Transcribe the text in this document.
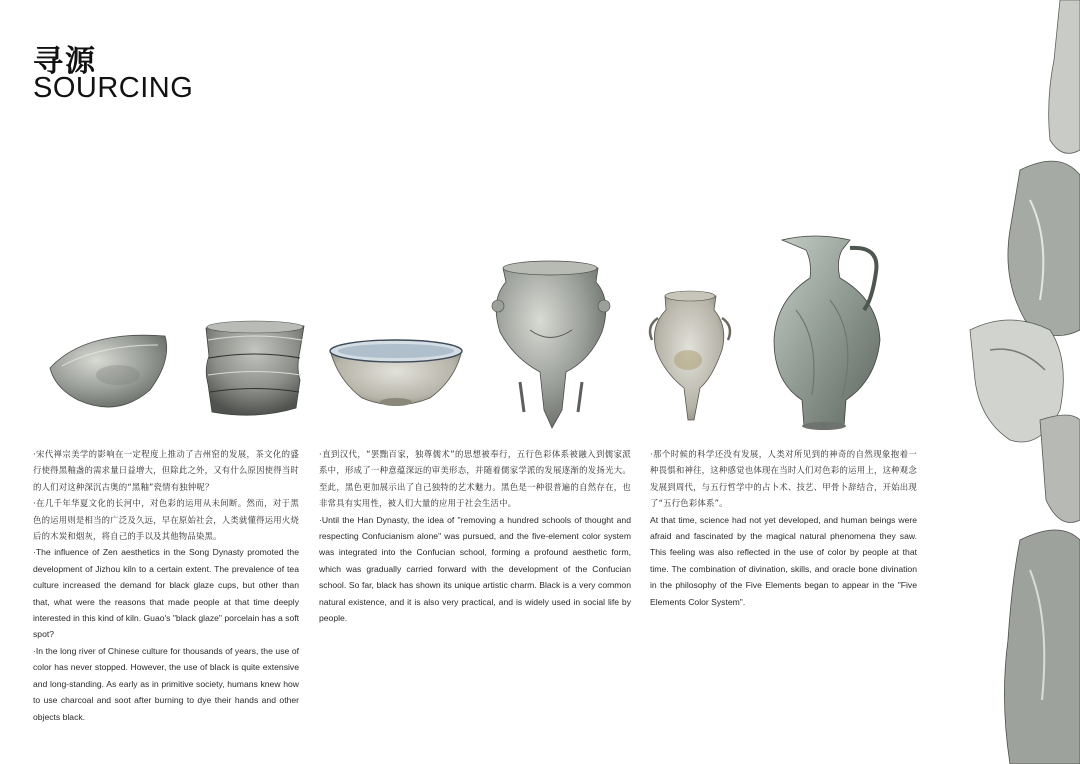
寻源
SOURCING

·宋代禅宗美学的影响在一定程度上推动了吉州窑的发展，茶文化的盛行使得黑釉盏的需求量日益增大，但除此之外，又有什么原因使得当时的人们对这种深沉古奥的“黑釉”瓷情有独钟呢？

·在几千年华夏文化的长河中，对色彩的运用从未间断。然而，对于黑色的运用则是相当的广泛及久远，早在原始社会，人类就懂得运用火烧后的木炭和烟灰，将自己的手以及其他物品染黑。

·The influence of Zen aesthetics in the Song Dynasty promoted the development of Jizhou kiln to a certain extent. The prevalence of tea culture increased the demand for black glaze cups, but other than that, what were the reasons that made people at that time deeply interested in this kind of kiln. Guao's "black glaze" porcelain has a soft spot?

·In the long river of Chinese culture for thousands of years, the use of color has never stopped. However, the use of black is quite extensive and long-standing. As early as in primitive society, humans knew how to use charcoal and soot after burning to dye their hands and other objects black.

·直到汉代，“罢黜百家，独尊儒术”的思想被奉行，五行色彩体系被融入到儒家派系中，形成了一种意蕴深远的审美形态，并随着儒家学派的发展逐渐的发扬光大。至此，黑色更加展示出了自己独特的艺术魅力。黑色是一种很普遍的自然存在，也非常具有实用性，被人们大量的应用于社会生活中。

·Until the Han Dynasty, the idea of "removing a hundred schools of thought and respecting Confucianism alone" was pursued, and the five-element color system was integrated into the Confucian school, forming a profound aesthetic form, which was gradually carried forward with the development of the Confucian school. So far, black has shown its unique artistic charm. Black is a very common natural existence, and it is also very practical, and is widely used in social life by people.

·那个时候的科学还没有发展，人类对所见到的神奇的自然现象抱着一种畏惧和神往，这种感觉也体现在当时人们对色彩的运用上，这种观念发展到周代，与五行哲学中的占卜术、技艺、甲骨卜辞结合，开始出现了“五行色彩体系”。

At that time, science had not yet developed, and human beings were afraid and fascinated by the magical natural phenomena they saw. This feeling was also reflected in the use of color by people at that time. The combination of divination, skills, and oracle bone divination in the philosophy of the Five Elements began to appear in the "Five Elements Color System".
